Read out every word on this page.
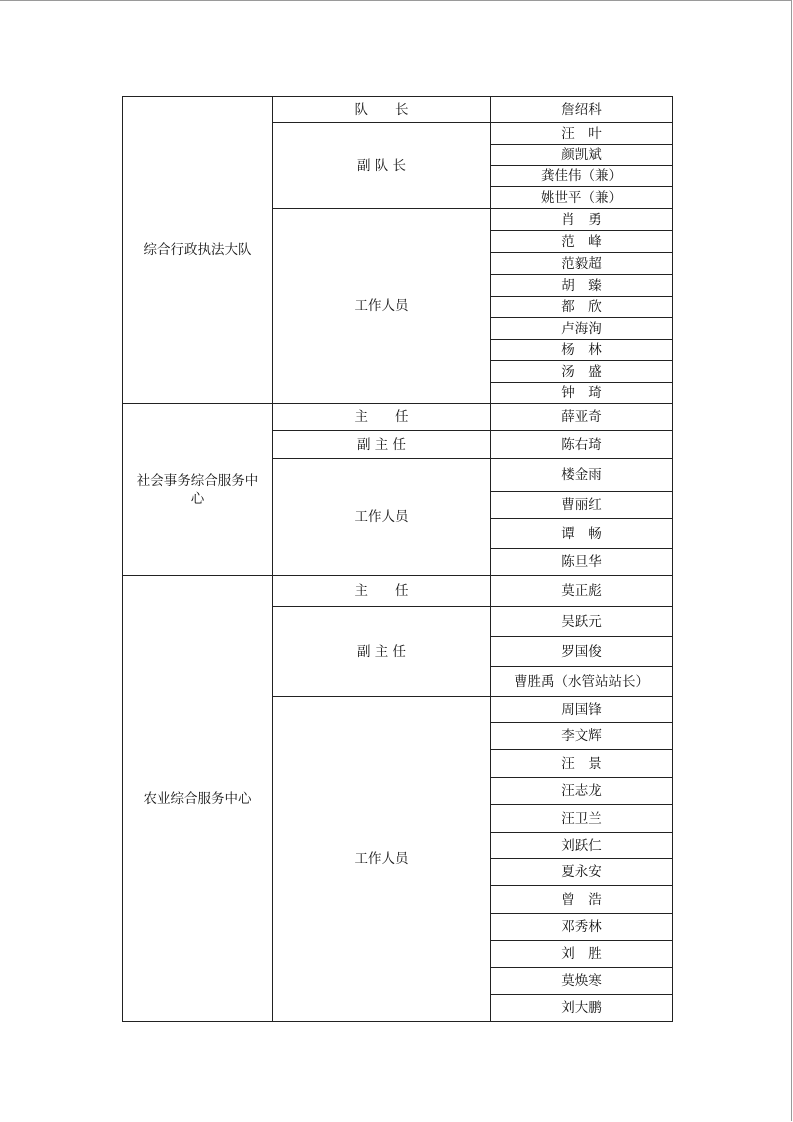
综合行政执法大队	队　　长	詹绍科
	副 队 长	汪　叶
		颜凯斌
		龚佳伟（兼）
		姚世平（兼）
	工作人员	肖　勇
		范　峰
		范毅超
		胡　臻
		都　欣
		卢海洵
		杨　林
		汤　盛
		钟　琦
社会事务综合服务中心	主　　任	薛亚奇
	副 主 任	陈右琦
	工作人员	楼金雨
		曹丽红
		谭　畅
		陈旦华
农业综合服务中心	主　　任	莫正彪
	副 主 任	吴跃元
		罗国俊
		曹胜禹（水管站站长）
	工作人员	周国锋
		李文辉
		汪　景
		汪志龙
		汪卫兰
		刘跃仁
		夏永安
		曾　浩
		邓秀林
		刘　胜
		莫焕寒
		刘大鹏
